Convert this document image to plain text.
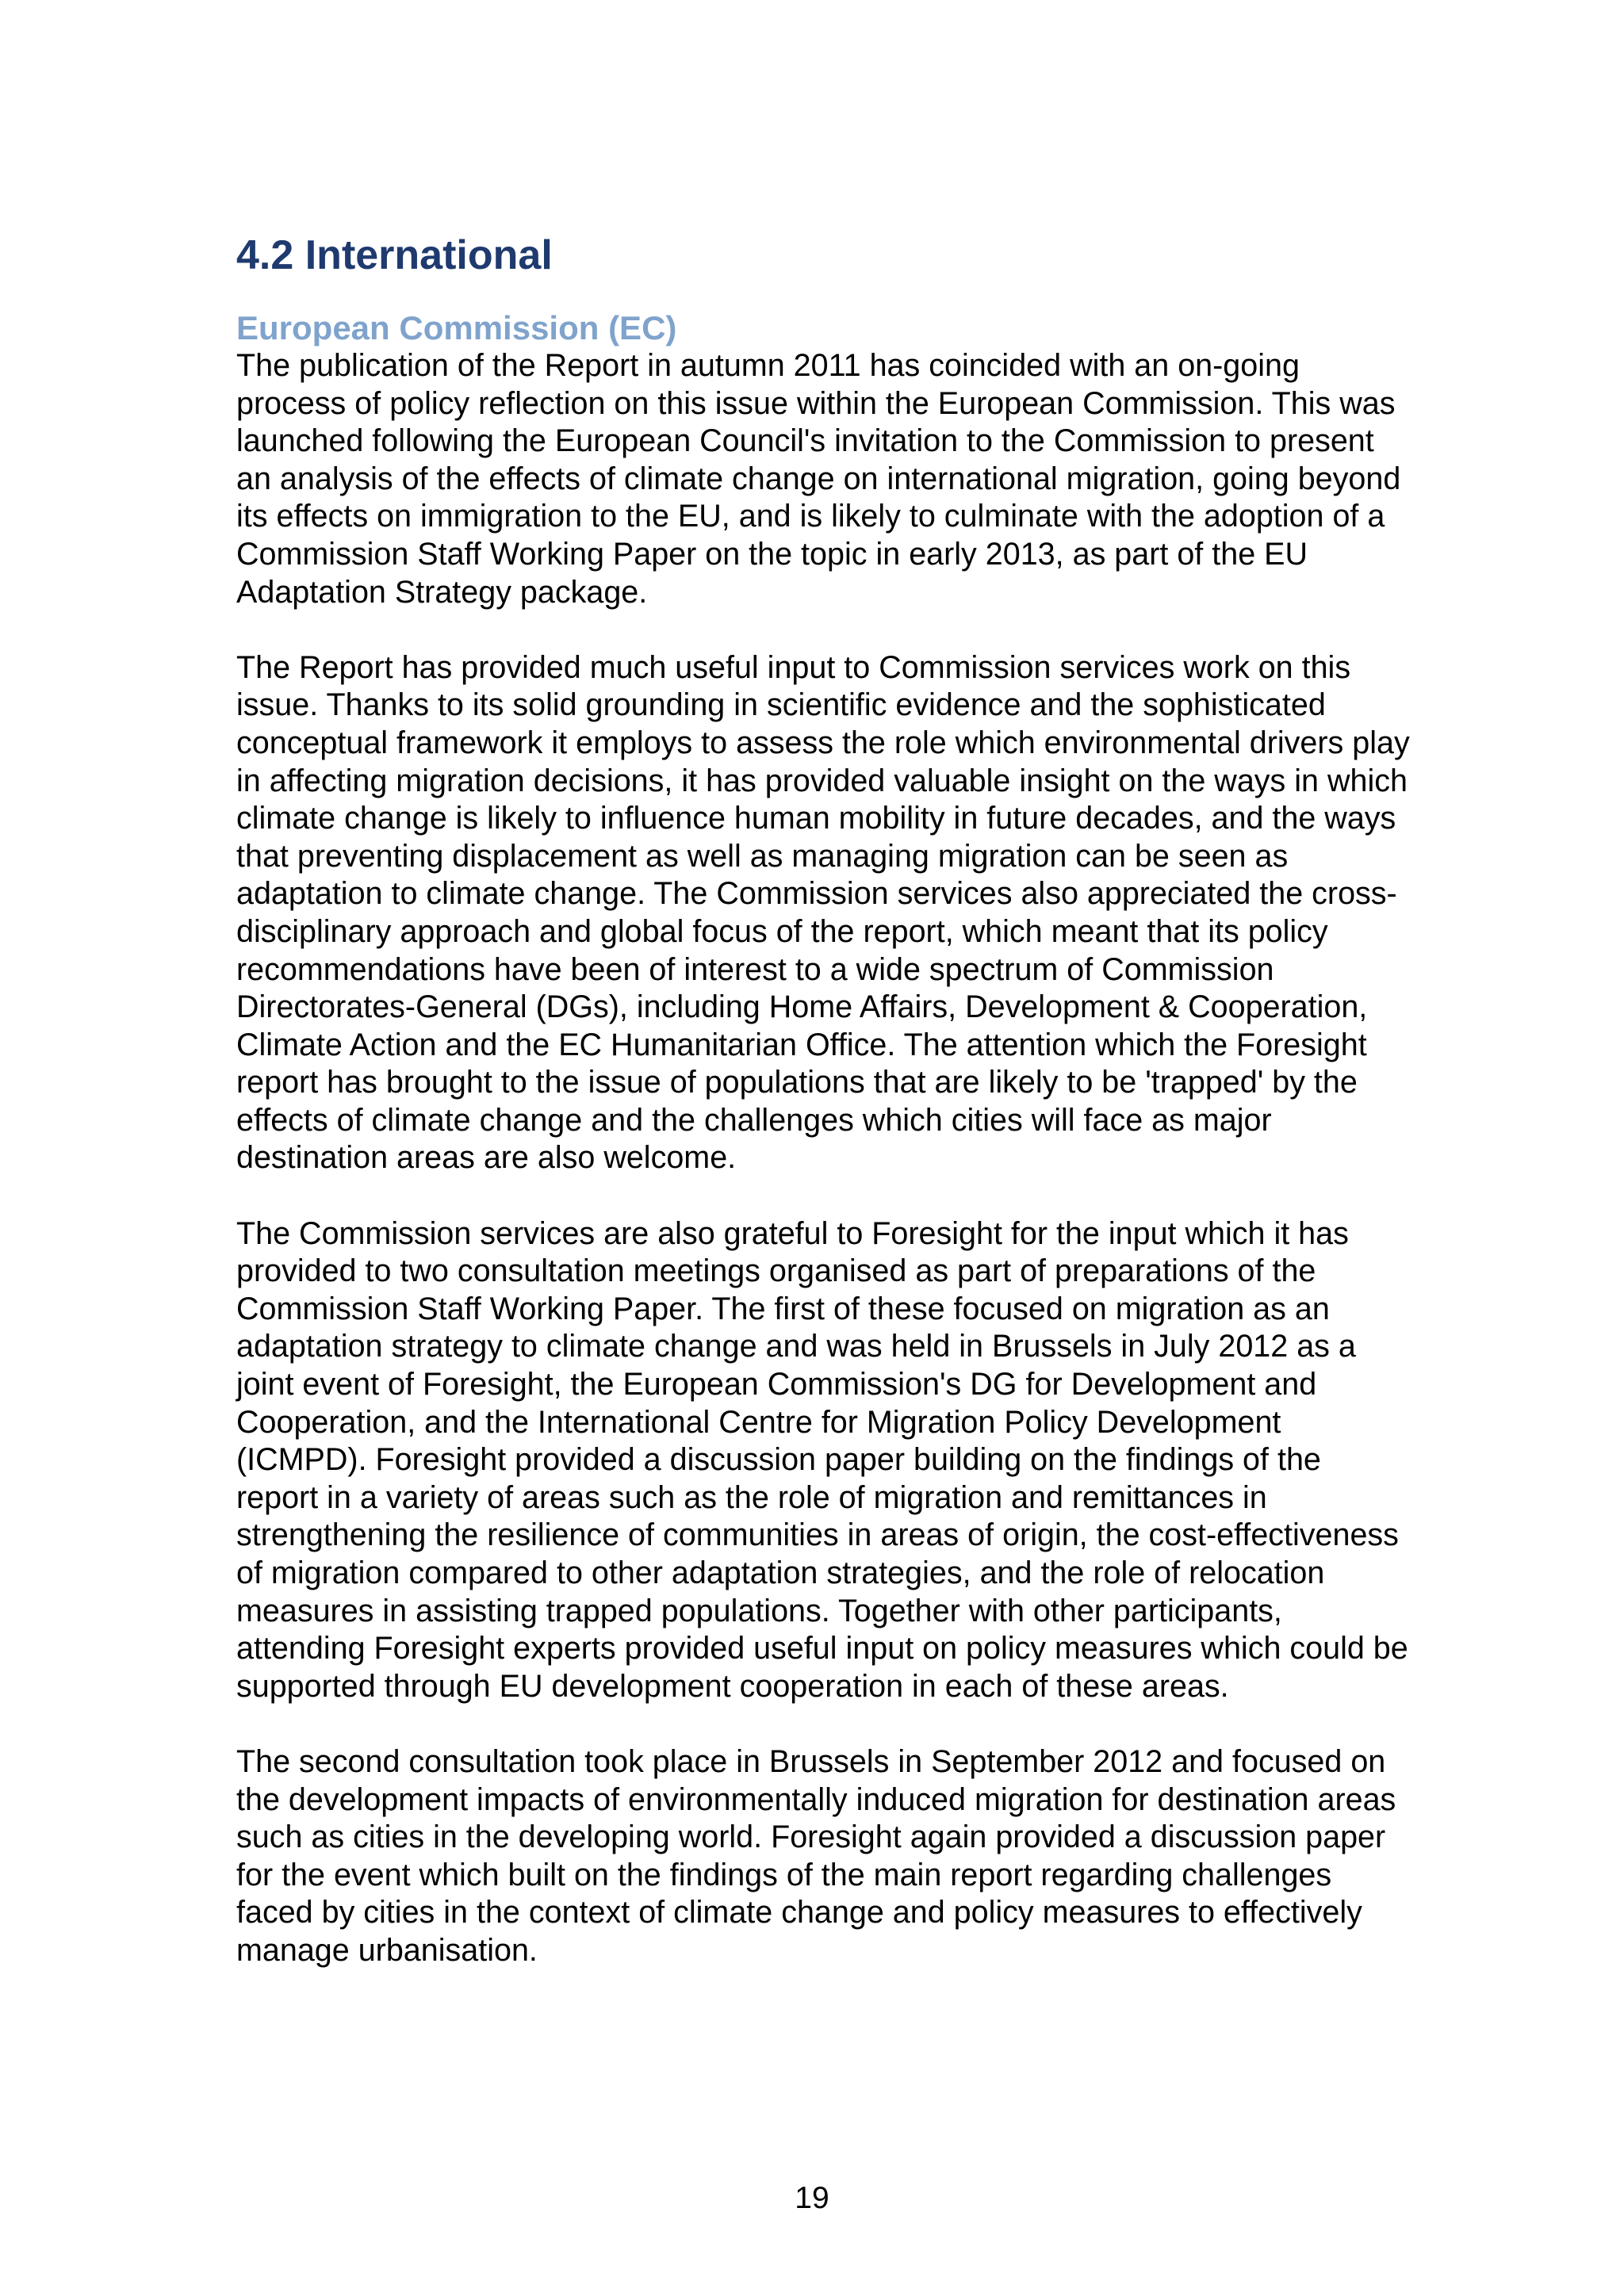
4.2 International
European Commission (EC)

The publication of the Report in autumn 2011 has coincided with an on-going process of policy reflection on this issue within the European Commission. This was launched following the European Council's invitation to the Commission to present an analysis of the effects of climate change on international migration, going beyond its effects on immigration to the EU, and is likely to culminate with the adoption of a Commission Staff Working Paper on the topic in early 2013, as part of the EU Adaptation Strategy package.

The Report has provided much useful input to Commission services work on this issue. Thanks to its solid grounding in scientific evidence and the sophisticated conceptual framework it employs to assess the role which environmental drivers play in affecting migration decisions, it has provided valuable insight on the ways in which climate change is likely to influence human mobility in future decades, and the ways that preventing displacement as well as managing migration can be seen as adaptation to climate change. The Commission services also appreciated the cross-disciplinary approach and global focus of the report, which meant that its policy recommendations have been of interest to a wide spectrum of Commission Directorates-General (DGs), including Home Affairs, Development & Cooperation, Climate Action and the EC Humanitarian Office. The attention which the Foresight report has brought to the issue of populations that are likely to be 'trapped' by the effects of climate change and the challenges which cities will face as major destination areas are also welcome.

The Commission services are also grateful to Foresight for the input which it has provided to two consultation meetings organised as part of preparations of the Commission Staff Working Paper. The first of these focused on migration as an adaptation strategy to climate change and was held in Brussels in July 2012 as a joint event of Foresight, the European Commission's DG for Development and Cooperation, and the International Centre for Migration Policy Development (ICMPD). Foresight provided a discussion paper building on the findings of the report in a variety of areas such as the role of migration and remittances in strengthening the resilience of communities in areas of origin, the cost-effectiveness of migration compared to other adaptation strategies, and the role of relocation measures in assisting trapped populations. Together with other participants, attending Foresight experts provided useful input on policy measures which could be supported through EU development cooperation in each of these areas.

The second consultation took place in Brussels in September 2012 and focused on the development impacts of environmentally induced migration for destination areas such as cities in the developing world. Foresight again provided a discussion paper for the event which built on the findings of the main report regarding challenges faced by cities in the context of climate change and policy measures to effectively manage urbanisation.

19
